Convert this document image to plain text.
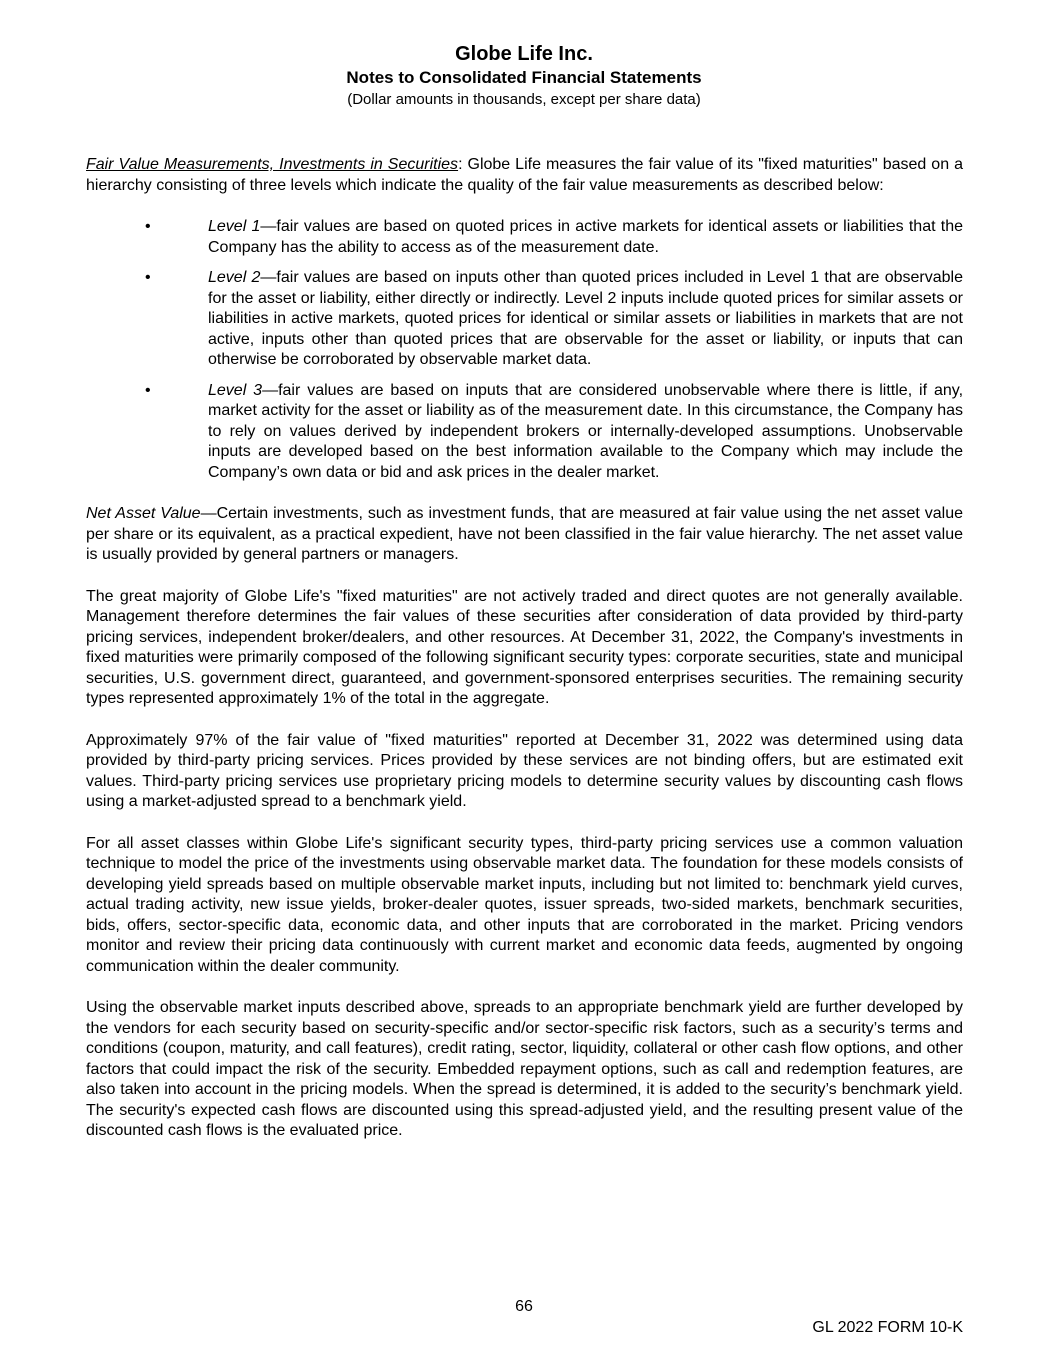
Globe Life Inc.
Notes to Consolidated Financial Statements
(Dollar amounts in thousands, except per share data)

Fair Value Measurements, Investments in Securities: Globe Life measures the fair value of its "fixed maturities" based on a hierarchy consisting of three levels which indicate the quality of the fair value measurements as described below:

•	Level 1—fair values are based on quoted prices in active markets for identical assets or liabilities that the Company has the ability to access as of the measurement date.
•	Level 2—fair values are based on inputs other than quoted prices included in Level 1 that are observable for the asset or liability, either directly or indirectly. Level 2 inputs include quoted prices for similar assets or liabilities in active markets, quoted prices for identical or similar assets or liabilities in markets that are not active, inputs other than quoted prices that are observable for the asset or liability, or inputs that can otherwise be corroborated by observable market data.
•	Level 3—fair values are based on inputs that are considered unobservable where there is little, if any, market activity for the asset or liability as of the measurement date. In this circumstance, the Company has to rely on values derived by independent brokers or internally-developed assumptions. Unobservable inputs are developed based on the best information available to the Company which may include the Company’s own data or bid and ask prices in the dealer market.

Net Asset Value—Certain investments, such as investment funds, that are measured at fair value using the net asset value per share or its equivalent, as a practical expedient, have not been classified in the fair value hierarchy. The net asset value is usually provided by general partners or managers.

The great majority of Globe Life's "fixed maturities" are not actively traded and direct quotes are not generally available. Management therefore determines the fair values of these securities after consideration of data provided by third-party pricing services, independent broker/dealers, and other resources. At December 31, 2022, the Company's investments in fixed maturities were primarily composed of the following significant security types: corporate securities, state and municipal securities, U.S. government direct, guaranteed, and government-sponsored enterprises securities. The remaining security types represented approximately 1% of the total in the aggregate.

Approximately 97% of the fair value of "fixed maturities" reported at December 31, 2022 was determined using data provided by third-party pricing services. Prices provided by these services are not binding offers, but are estimated exit values. Third-party pricing services use proprietary pricing models to determine security values by discounting cash flows using a market-adjusted spread to a benchmark yield.

For all asset classes within Globe Life's significant security types, third-party pricing services use a common valuation technique to model the price of the investments using observable market data. The foundation for these models consists of developing yield spreads based on multiple observable market inputs, including but not limited to: benchmark yield curves, actual trading activity, new issue yields, broker-dealer quotes, issuer spreads, two-sided markets, benchmark securities, bids, offers, sector-specific data, economic data, and other inputs that are corroborated in the market. Pricing vendors monitor and review their pricing data continuously with current market and economic data feeds, augmented by ongoing communication within the dealer community.

Using the observable market inputs described above, spreads to an appropriate benchmark yield are further developed by the vendors for each security based on security-specific and/or sector-specific risk factors, such as a security’s terms and conditions (coupon, maturity, and call features), credit rating, sector, liquidity, collateral or other cash flow options, and other factors that could impact the risk of the security. Embedded repayment options, such as call and redemption features, are also taken into account in the pricing models. When the spread is determined, it is added to the security’s benchmark yield. The security's expected cash flows are discounted using this spread-adjusted yield, and the resulting present value of the discounted cash flows is the evaluated price.

66
GL 2022 FORM 10-K
